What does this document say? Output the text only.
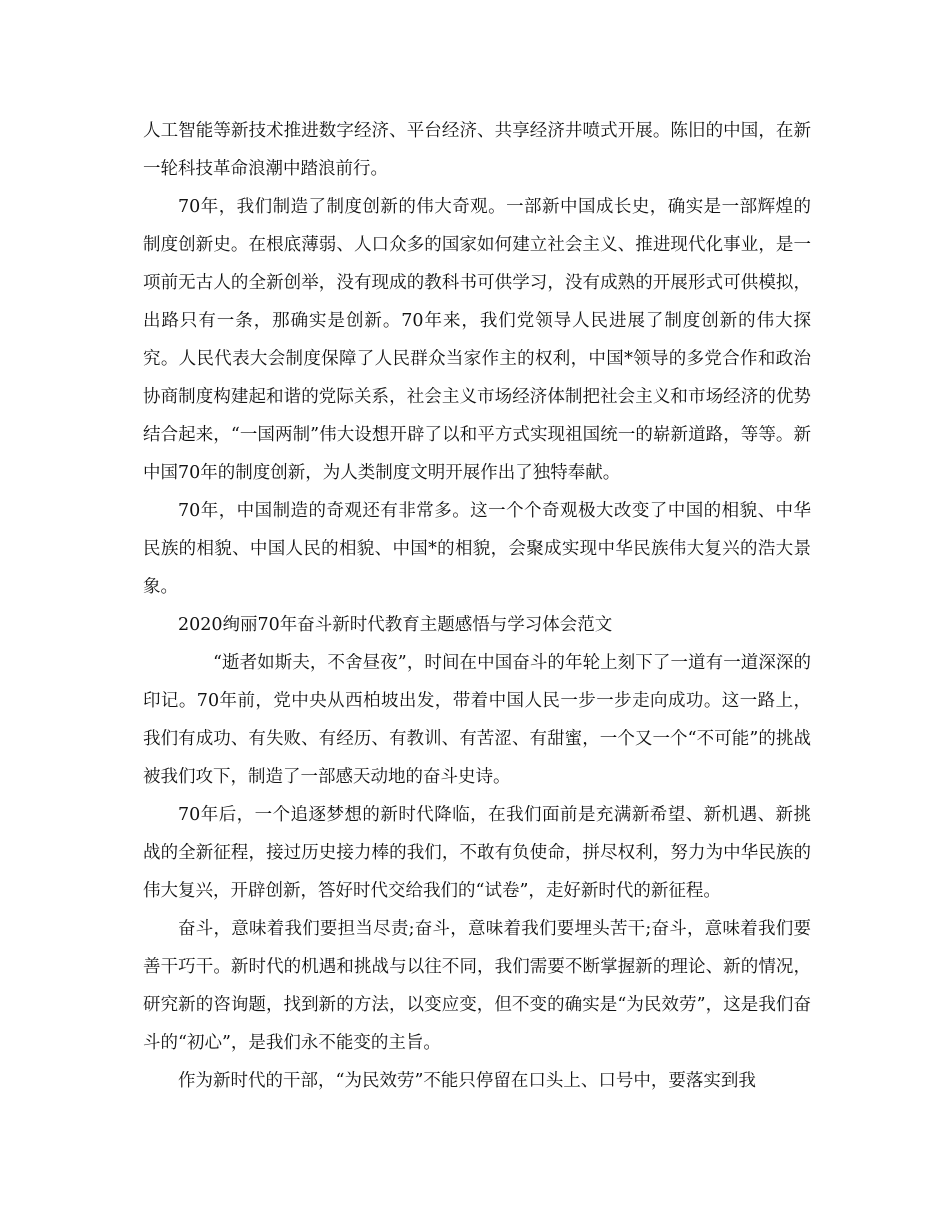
人工智能等新技术推进数字经济、平台经济、共享经济井喷式开展。陈旧的中国，在新一轮科技革命浪潮中踏浪前行。

70年，我们制造了制度创新的伟大奇观。一部新中国成长史，确实是一部辉煌的制度创新史。在根底薄弱、人口众多的国家如何建立社会主义、推进现代化事业，是一项前无古人的全新创举，没有现成的教科书可供学习，没有成熟的开展形式可供模拟，出路只有一条，那确实是创新。70年来，我们党领导人民进展了制度创新的伟大探究。人民代表大会制度保障了人民群众当家作主的权利，中国*领导的多党合作和政治协商制度构建起和谐的党际关系，社会主义市场经济体制把社会主义和市场经济的优势结合起来，“一国两制”伟大设想开辟了以和平方式实现祖国统一的崭新道路，等等。新中国70年的制度创新，为人类制度文明开展作出了独特奉献。

70年，中国制造的奇观还有非常多。这一个个奇观极大改变了中国的相貌、中华民族的相貌、中国人民的相貌、中国*的相貌，会聚成实现中华民族伟大复兴的浩大景象。

2020绚丽70年奋斗新时代教育主题感悟与学习体会范文

“逝者如斯夫，不舍昼夜”，时间在中国奋斗的年轮上刻下了一道有一道深深的印记。70年前，党中央从西柏坡出发，带着中国人民一步一步走向成功。这一路上，我们有成功、有失败、有经历、有教训、有苦涩、有甜蜜，一个又一个“不可能”的挑战被我们攻下，制造了一部感天动地的奋斗史诗。

70年后，一个追逐梦想的新时代降临，在我们面前是充满新希望、新机遇、新挑战的全新征程，接过历史接力棒的我们，不敢有负使命，拼尽权利，努力为中华民族的伟大复兴，开辟创新，答好时代交给我们的“试卷”，走好新时代的新征程。

奋斗，意味着我们要担当尽责;奋斗，意味着我们要埋头苦干;奋斗，意味着我们要善干巧干。新时代的机遇和挑战与以往不同，我们需要不断掌握新的理论、新的情况，研究新的咨询题，找到新的方法，以变应变，但不变的确实是“为民效劳”，这是我们奋斗的“初心”，是我们永不能变的主旨。

作为新时代的干部，“为民效劳”不能只停留在口头上、口号中，要落实到我
